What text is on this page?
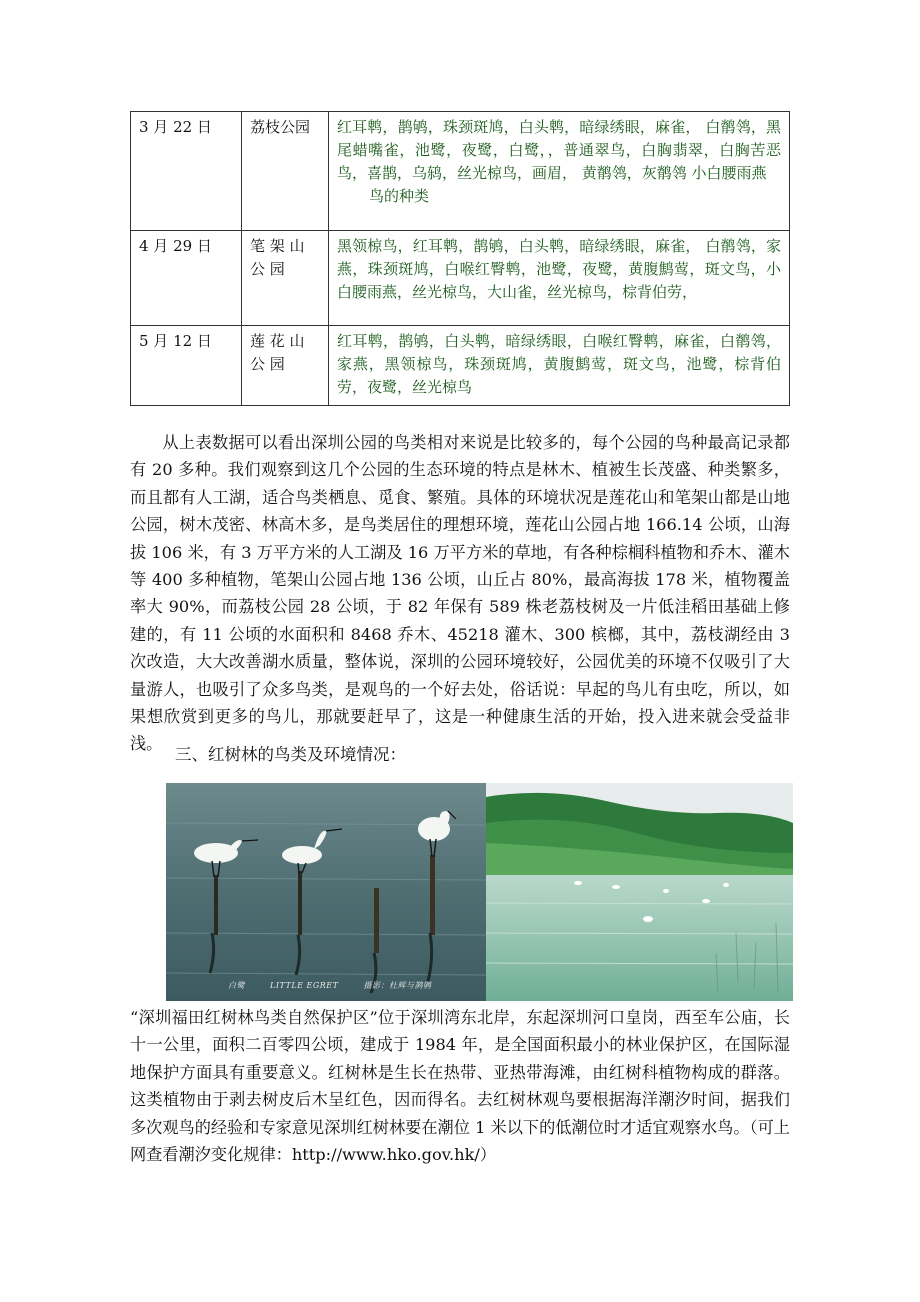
3 月 22 日	荔枝公园	红耳鹎，鹊鸲，珠颈斑鸠，白头鹎，暗绿绣眼，麻雀， 白鹡鸰，黑尾蜡嘴雀，池鹭，夜鹭，白鹭，，普通翠鸟，白胸翡翠，白胸苦恶鸟，喜鹊，乌鸫，丝光椋鸟，画眉， 黄鹡鸰，灰鹡鸰 小白腰雨燕
鸟的种类

4 月 29 日	笔 架 山 公 园	黑领椋鸟，红耳鹎，鹊鸲，白头鹎，暗绿绣眼，麻雀， 白鹡鸰，家燕，珠颈斑鸠，白喉红臀鹎，池鹭，夜鹭，黄腹鹪莺，斑文鸟，小白腰雨燕，丝光椋鸟，大山雀，丝光椋鸟，棕背伯劳，
5 月 12 日	莲 花 山 公 园	红耳鹎，鹊鸲，白头鹎，暗绿绣眼，白喉红臀鹎，麻雀，白鹡鸰，家燕，黑领椋鸟，珠颈斑鸠，黄腹鹪莺，斑文鸟，池鹭，棕背伯劳，夜鹭，丝光椋鸟

从上表数据可以看出深圳公园的鸟类相对来说是比较多的，每个公园的鸟种最高记录都有 20 多种。我们观察到这几个公园的生态环境的特点是林木、植被生长茂盛、种类繁多，而且都有人工湖，适合鸟类栖息、觅食、繁殖。具体的环境状况是莲花山和笔架山都是山地公园，树木茂密、林高木多，是鸟类居住的理想环境，莲花山公园占地 166.14 公顷，山海拔 106 米，有 3 万平方米的人工湖及 16 万平方米的草地，有各种棕榈科植物和乔木、灌木等 400 多种植物，笔架山公园占地 136 公顷，山丘占 80%，最高海拔 178 米，植物覆盖率大 90%，而荔枝公园 28 公顷，于 82 年保有 589 株老荔枝树及一片低洼稻田基础上修建的，有 11 公顷的水面积和 8468 乔木、45218 灌木、300 槟榔，其中，荔枝湖经由 3 次改造，大大改善湖水质量，整体说，深圳的公园环境较好，公园优美的环境不仅吸引了大量游人，也吸引了众多鸟类，是观鸟的一个好去处，俗话说：早起的鸟儿有虫吃，所以，如果想欣赏到更多的鸟儿，那就要赶早了，这是一种健康生活的开始，投入进来就会受益非浅。

三、红树林的鸟类及环境情况：

白鹭	LITTLE EGRET	摄影：杜辉与鹊鸲

“深圳福田红树林鸟类自然保护区”位于深圳湾东北岸，东起深圳河口皇岗，西至车公庙，长十一公里，面积二百零四公顷，建成于 1984 年，是全国面积最小的林业保护区，在国际湿地保护方面具有重要意义。红树林是生长在热带、亚热带海滩，由红树科植物构成的群落。这类植物由于剥去树皮后木呈红色，因而得名。去红树林观鸟要根据海洋潮汐时间，据我们多次观鸟的经验和专家意见深圳红树林要在潮位 1 米以下的低潮位时才适宜观察水鸟。（可上网查看潮汐变化规律：http://www.hko.gov.hk/）
